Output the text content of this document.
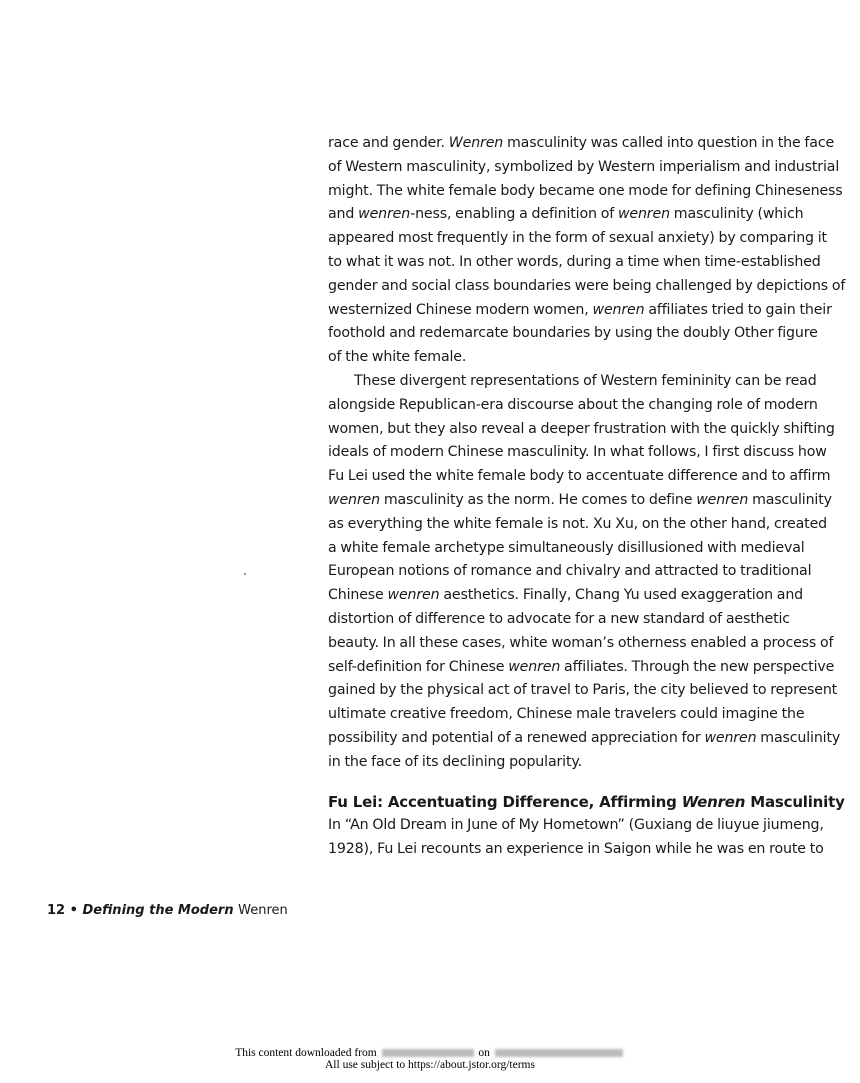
race and gender. Wenren masculinity was called into question in the face
of Western masculinity, symbolized by Western imperialism and industrial
might. The white female body became one mode for defining Chineseness
and wenren-ness, enabling a definition of wenren masculinity (which
appeared most frequently in the form of sexual anxiety) by comparing it
to what it was not. In other words, during a time when time-established
gender and social class boundaries were being challenged by depictions of
westernized Chinese modern women, wenren affiliates tried to gain their
foothold and redemarcate boundaries by using the doubly Other figure
of the white female.
These divergent representations of Western femininity can be read
alongside Republican-era discourse about the changing role of modern
women, but they also reveal a deeper frustration with the quickly shifting
ideals of modern Chinese masculinity. In what follows, I first discuss how
Fu Lei used the white female body to accentuate difference and to affirm
wenren masculinity as the norm. He comes to define wenren masculinity
as everything the white female is not. Xu Xu, on the other hand, created
a white female archetype simultaneously disillusioned with medieval
European notions of romance and chivalry and attracted to traditional
Chinese wenren aesthetics. Finally, Chang Yu used exaggeration and
distortion of difference to advocate for a new standard of aesthetic
beauty. In all these cases, white woman’s otherness enabled a process of
self-definition for Chinese wenren affiliates. Through the new perspective
gained by the physical act of travel to Paris, the city believed to represent
ultimate creative freedom, Chinese male travelers could imagine the
possibility and potential of a renewed appreciation for wenren masculinity
in the face of its declining popularity.
Fu Lei: Accentuating Difference, Affirming Wenren Masculinity
In “An Old Dream in June of My Hometown” (Guxiang de liuyue jiumeng,
1928), Fu Lei recounts an experience in Saigon while he was en route to
12 • Defining the Modern Wenren
This content downloaded from	on
All use subject to https://about.jstor.org/terms
